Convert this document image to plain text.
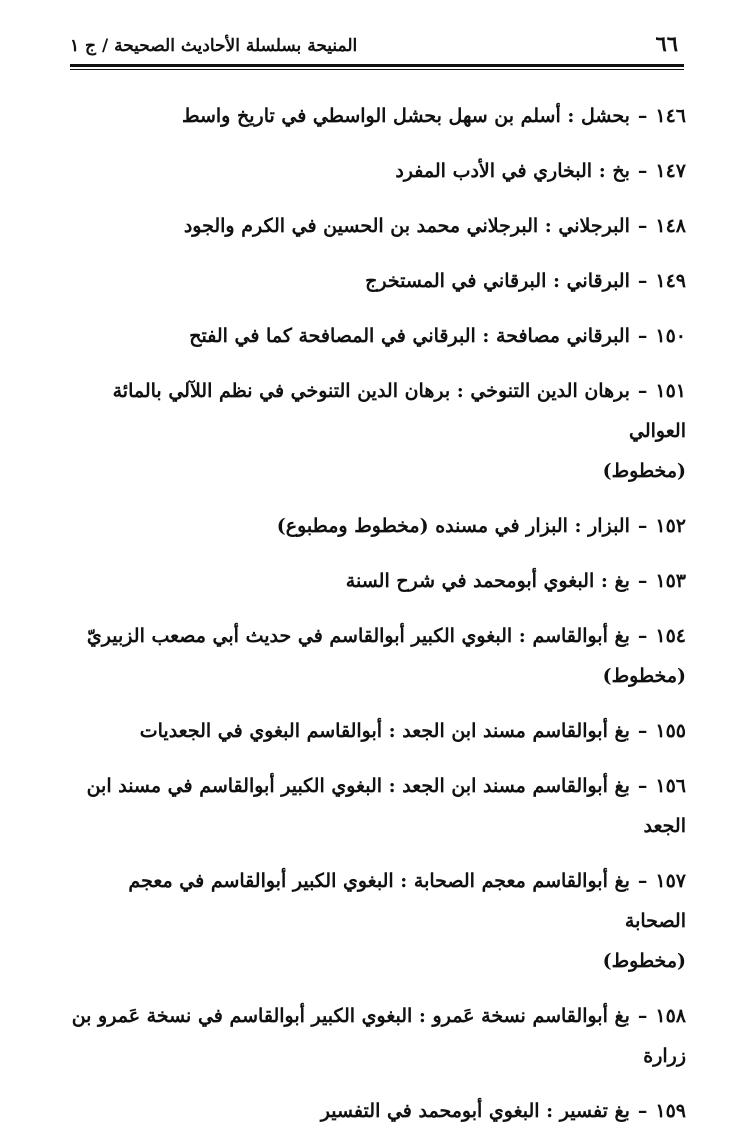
٦٦
المنيحة بسلسلة الأحاديث الصحيحة / ج ١
١٤٦–بحشل : أسلم بن سهل بحشل الواسطي في تاريخ واسط
١٤٧–بخ : البخاري في الأدب المفرد
١٤٨–البرجلاني : البرجلاني محمد بن الحسين في الكرم والجود
١٤٩–البرقاني : البرقاني في المستخرج
١٥٠–البرقاني مصافحة : البرقاني في المصافحة كما في الفتح
١٥١–برهان الدين التنوخي : برهان الدين التنوخي في نظم اللآلي بالمائة العوالي
(مخطوط)
١٥٢–البزار : البزار في مسنده (مخطوط ومطبوع)
١٥٣–بغ : البغوي أبومحمد في شرح السنة
١٥٤–بغ أبوالقاسم : البغوي الكبير أبوالقاسم في حديث أبي مصعب الزبيريّ
(مخطوط)
١٥٥–بغ أبوالقاسم مسند ابن الجعد : أبوالقاسم البغوي في الجعديات
١٥٦–بغ أبوالقاسم مسند ابن الجعد : البغوي الكبير أبوالقاسم في مسند ابن الجعد
١٥٧–بغ أبوالقاسم معجم الصحابة : البغوي الكبير أبوالقاسم في معجم الصحابة
(مخطوط)
١٥٨–بغ أبوالقاسم نسخة عَمرو : البغوي الكبير أبوالقاسم في نسخة عَمرو بن
زرارة
١٥٩–بغ تفسير : البغوي أبومحمد في التفسير
